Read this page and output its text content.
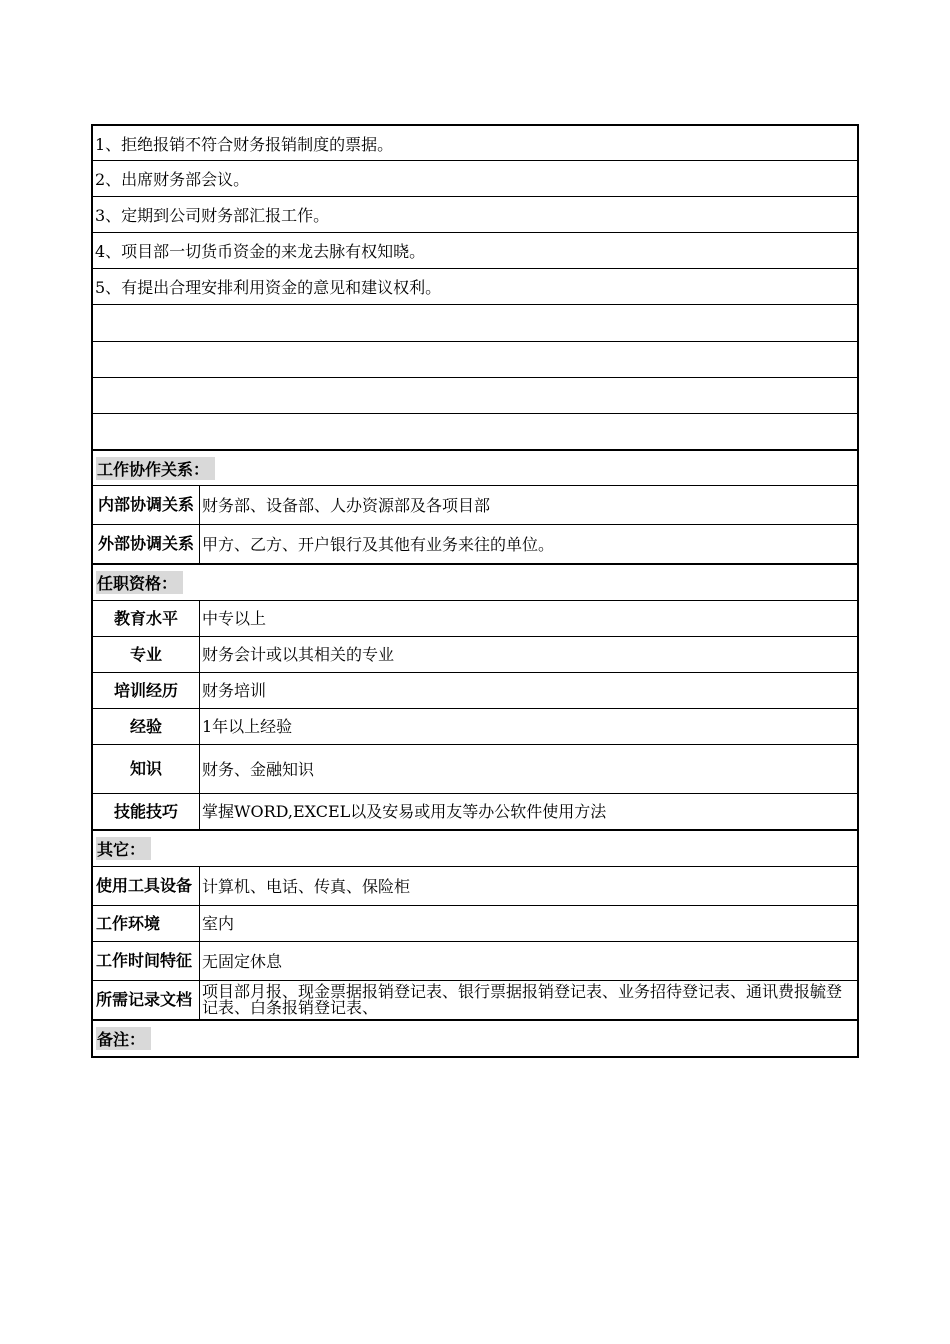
1、拒绝报销不符合财务报销制度的票据。
2、出席财务部会议。
3、定期到公司财务部汇报工作。
4、项目部一切货币资金的来龙去脉有权知晓。
5、有提出合理安排利用资金的意见和建议权利。
工作协作关系：
内部协调关系 财务部、设备部、人办资源部及各项目部
外部协调关系 甲方、乙方、开户银行及其他有业务来往的单位。
任职资格：
教育水平	中专以上
专业	财务会计或以其相关的专业
培训经历	财务培训
经验	1年以上经验
知识	财务、金融知识
技能技巧	掌握WORD,EXCEL以及安易或用友等办公软件使用方法
其它：
使用工具设备 计算机、电话、传真、保险柜
工作环境	室内
工作时间特征 无固定休息
所需记录文档 项目部月报、现金票据报销登记表、银行票据报销登记表、业务招待登记表、通讯费报毓登记表、白条报销登记表、
备注：
